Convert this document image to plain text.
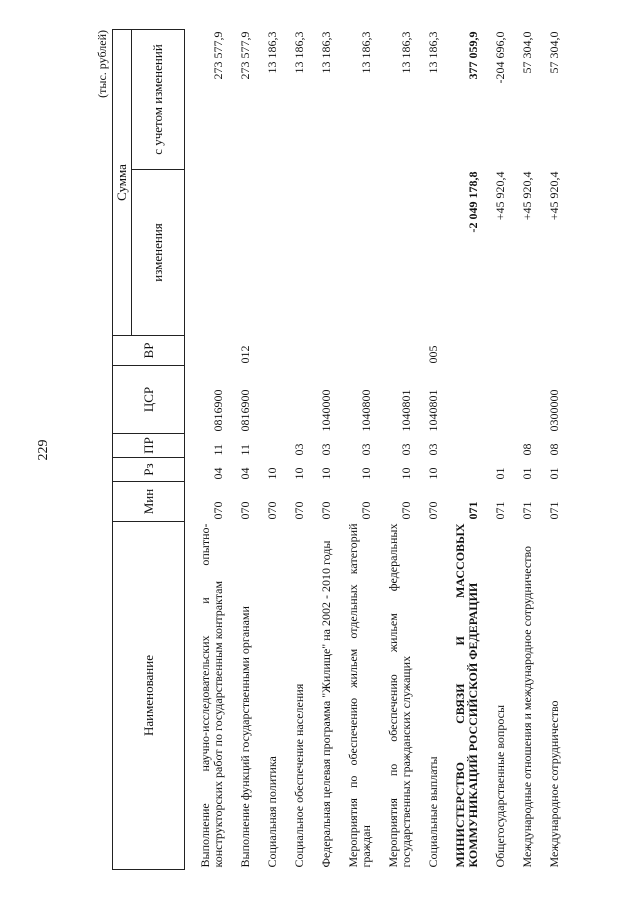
229
(тыс. рублей)
Наименование	Мин	Рз	ПР	ЦСР	ВР	Сумма	
						изменения	с учетом изменений

Выполнение научно-исследовательских и опытно-конструкторских работ по государственным контрактам	070	04	11	0816900			273 577,9

Выполнение функций государственными органами	070	04	11	0816900	012		273 577,9

Социальная политика	070	10					13 186,3

Социальное обеспечение населения	070	10	03				13 186,3

Федеральная целевая программа "Жилище" на 2002 - 2010 годы	070	10	03	1040000			13 186,3

Мероприятия по обеспечению жильем отдельных категорий граждан	070	10	03	1040800			13 186,3

Мероприятия по обеспечению жильем федеральных государственных гражданских служащих	070	10	03	1040801			13 186,3

Социальные выплаты	070	10	03	1040801	005		13 186,3

МИНИСТЕРСТВО СВЯЗИ И МАССОВЫХ КОММУНИКАЦИЙ РОССИЙСКОЙ ФЕДЕРАЦИИ	071					-2 049 178,8	377 059,9

Общегосударственные вопросы	071	01				+45 920,4	-204 696,0

Международные отношения и международное сотрудничество	071	01	08			+45 920,4	57 304,0

Международное сотрудничество	071	01	08	0300000		+45 920,4	57 304,0
